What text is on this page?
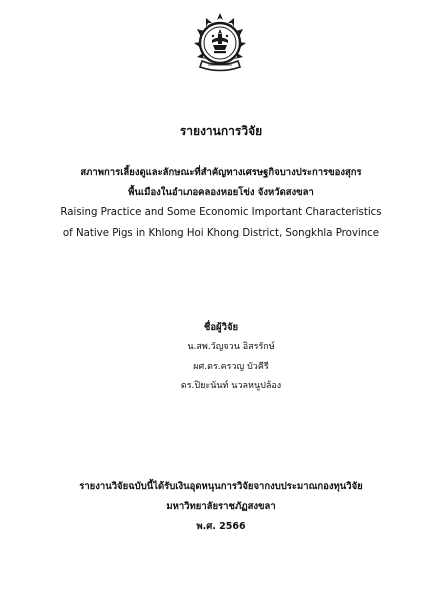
รายงานการวิจัย
สภาพการเลี้ยงดูและลักษณะที่สำคัญทางเศรษฐกิจบางประการของสุกร
พื้นเมืองในอำเภอคลองหอยโข่ง จังหวัดสงขลา
Raising Practice and Some Economic Important Characteristics
of Native Pigs in Khlong Hoi Khong District, Songkhla Province
ชื่อผู้วิจัย
น.สพ.วัญจวน อิสรรักษ์
ผศ.ดร.ครวญ บัวคีรี
ดร.ปิยะนันท์ นวลหนูปล้อง
รายงานวิจัยฉบับนี้ได้รับเงินอุดหนุนการวิจัยจากงบประมาณกองทุนวิจัย
มหาวิทยาลัยราชภัฏสงขลา
พ.ศ. 2566
